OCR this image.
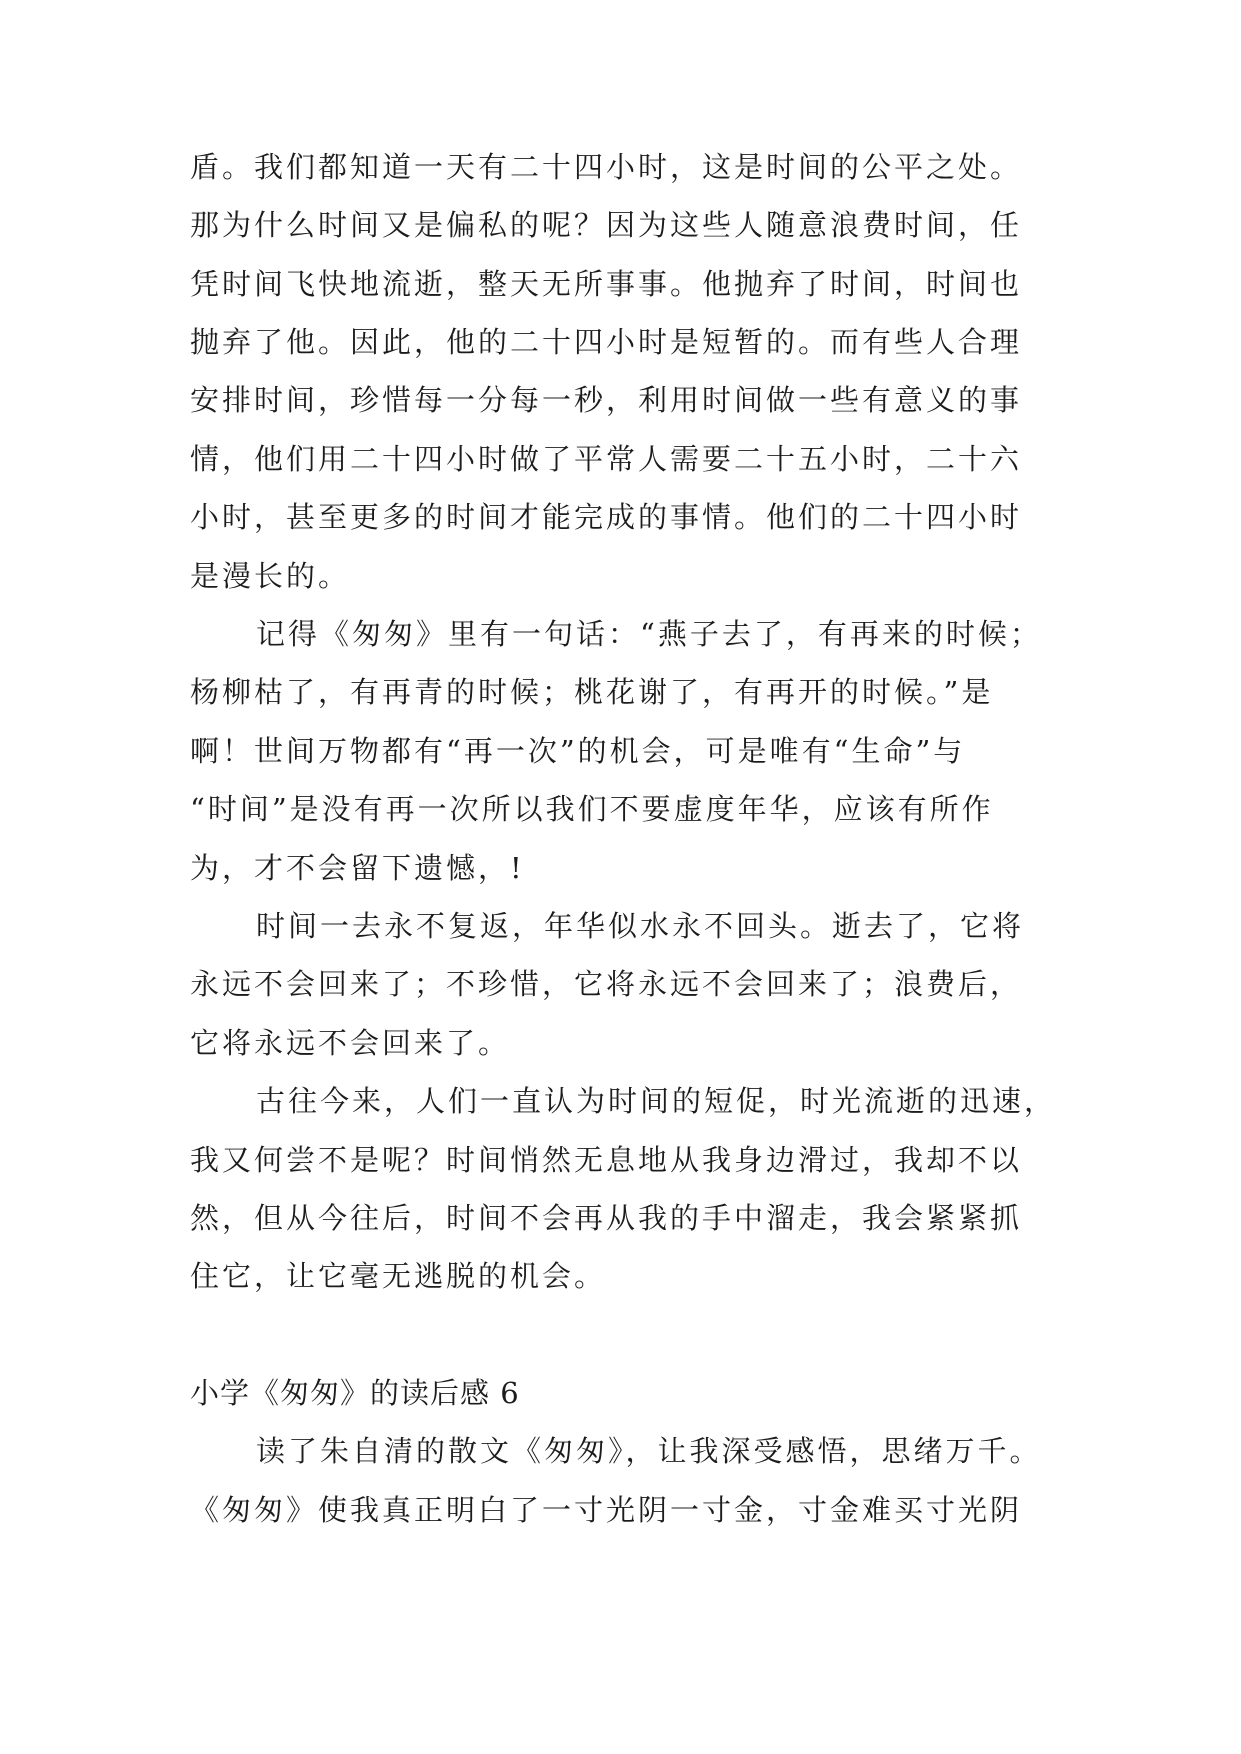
盾。我们都知道一天有二十四小时，这是时间的公平之处。
那为什么时间又是偏私的呢？因为这些人随意浪费时间，任
凭时间飞快地流逝，整天无所事事。他抛弃了时间，时间也
抛弃了他。因此，他的二十四小时是短暂的。而有些人合理
安排时间，珍惜每一分每一秒，利用时间做一些有意义的事
情，他们用二十四小时做了平常人需要二十五小时，二十六
小时，甚至更多的时间才能完成的事情。他们的二十四小时
是漫长的。
记得《匆匆》里有一句话：“燕子去了，有再来的时候；
杨柳枯了，有再青的时候；桃花谢了，有再开的时候。”是
啊！世间万物都有“再一次”的机会，可是唯有“生命”与
“时间”是没有再一次所以我们不要虚度年华，应该有所作
为，才不会留下遗憾，!
时间一去永不复返，年华似水永不回头。逝去了，它将
永远不会回来了；不珍惜，它将永远不会回来了；浪费后，
它将永远不会回来了。
古往今来，人们一直认为时间的短促，时光流逝的迅速，
我又何尝不是呢？时间悄然无息地从我身边滑过，我却不以
然，但从今往后，时间不会再从我的手中溜走，我会紧紧抓
住它，让它毫无逃脱的机会。
小学《匆匆》的读后感 6
读了朱自清的散文《匆匆》，让我深受感悟，思绪万千。
《匆匆》使我真正明白了一寸光阴一寸金，寸金难买寸光阴
